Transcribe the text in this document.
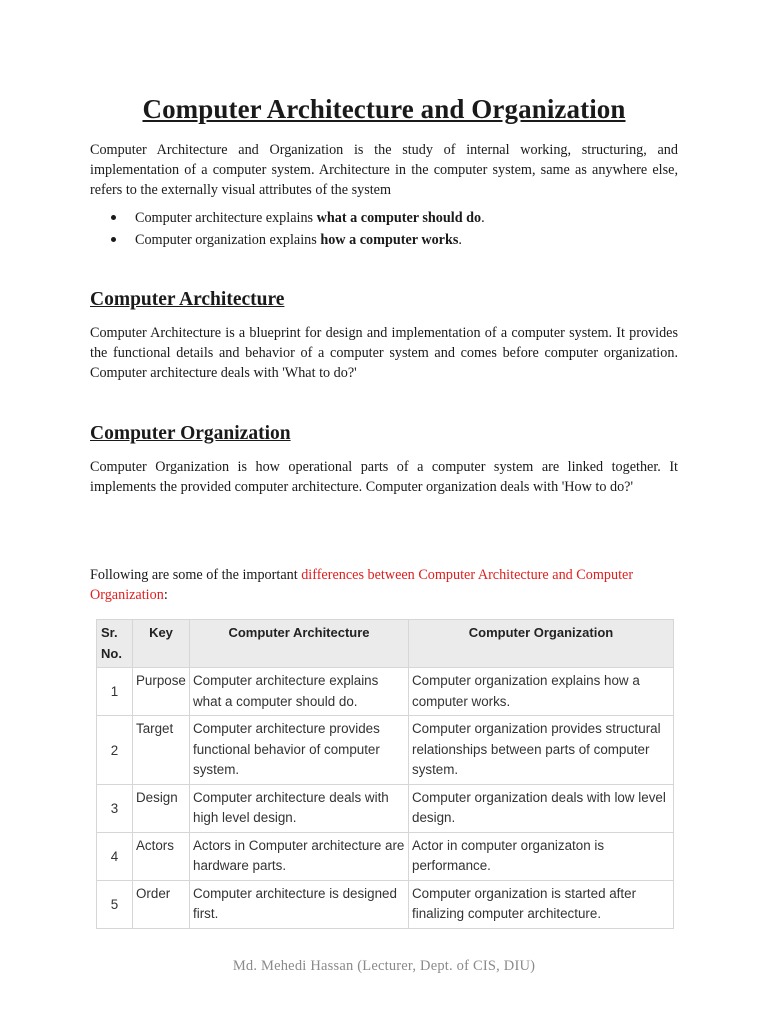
Computer Architecture and Organization

Computer Architecture and Organization is the study of internal working, structuring, and implementation of a computer system. Architecture in the computer system, same as anywhere else, refers to the externally visual attributes of the system

Computer architecture explains what a computer should do.
Computer organization explains how a computer works.
Computer Architecture

Computer Architecture is a blueprint for design and implementation of a computer system. It provides the functional details and behavior of a computer system and comes before computer organization. Computer architecture deals with 'What to do?'

Computer Organization

Computer Organization is how operational parts of a computer system are linked together. It implements the provided computer architecture. Computer organization deals with 'How to do?'

Following are some of the important differences between Computer Architecture and Computer Organization:

Sr. No.	Key	Computer Architecture	Computer Organization
1	Purpose	Computer architecture explains what a computer should do.	Computer organization explains how a computer works.
2	Target	Computer architecture provides functional behavior of computer system.	Computer organization provides structural relationships between parts of computer system.
3	Design	Computer architecture deals with high level design.	Computer organization deals with low level design.
4	Actors	Actors in Computer architecture are hardware parts.	Actor in computer organizaton is performance.
5	Order	Computer architecture is designed first.	Computer organization is started after finalizing computer architecture.
Md. Mehedi Hassan (Lecturer, Dept. of CIS, DIU)
